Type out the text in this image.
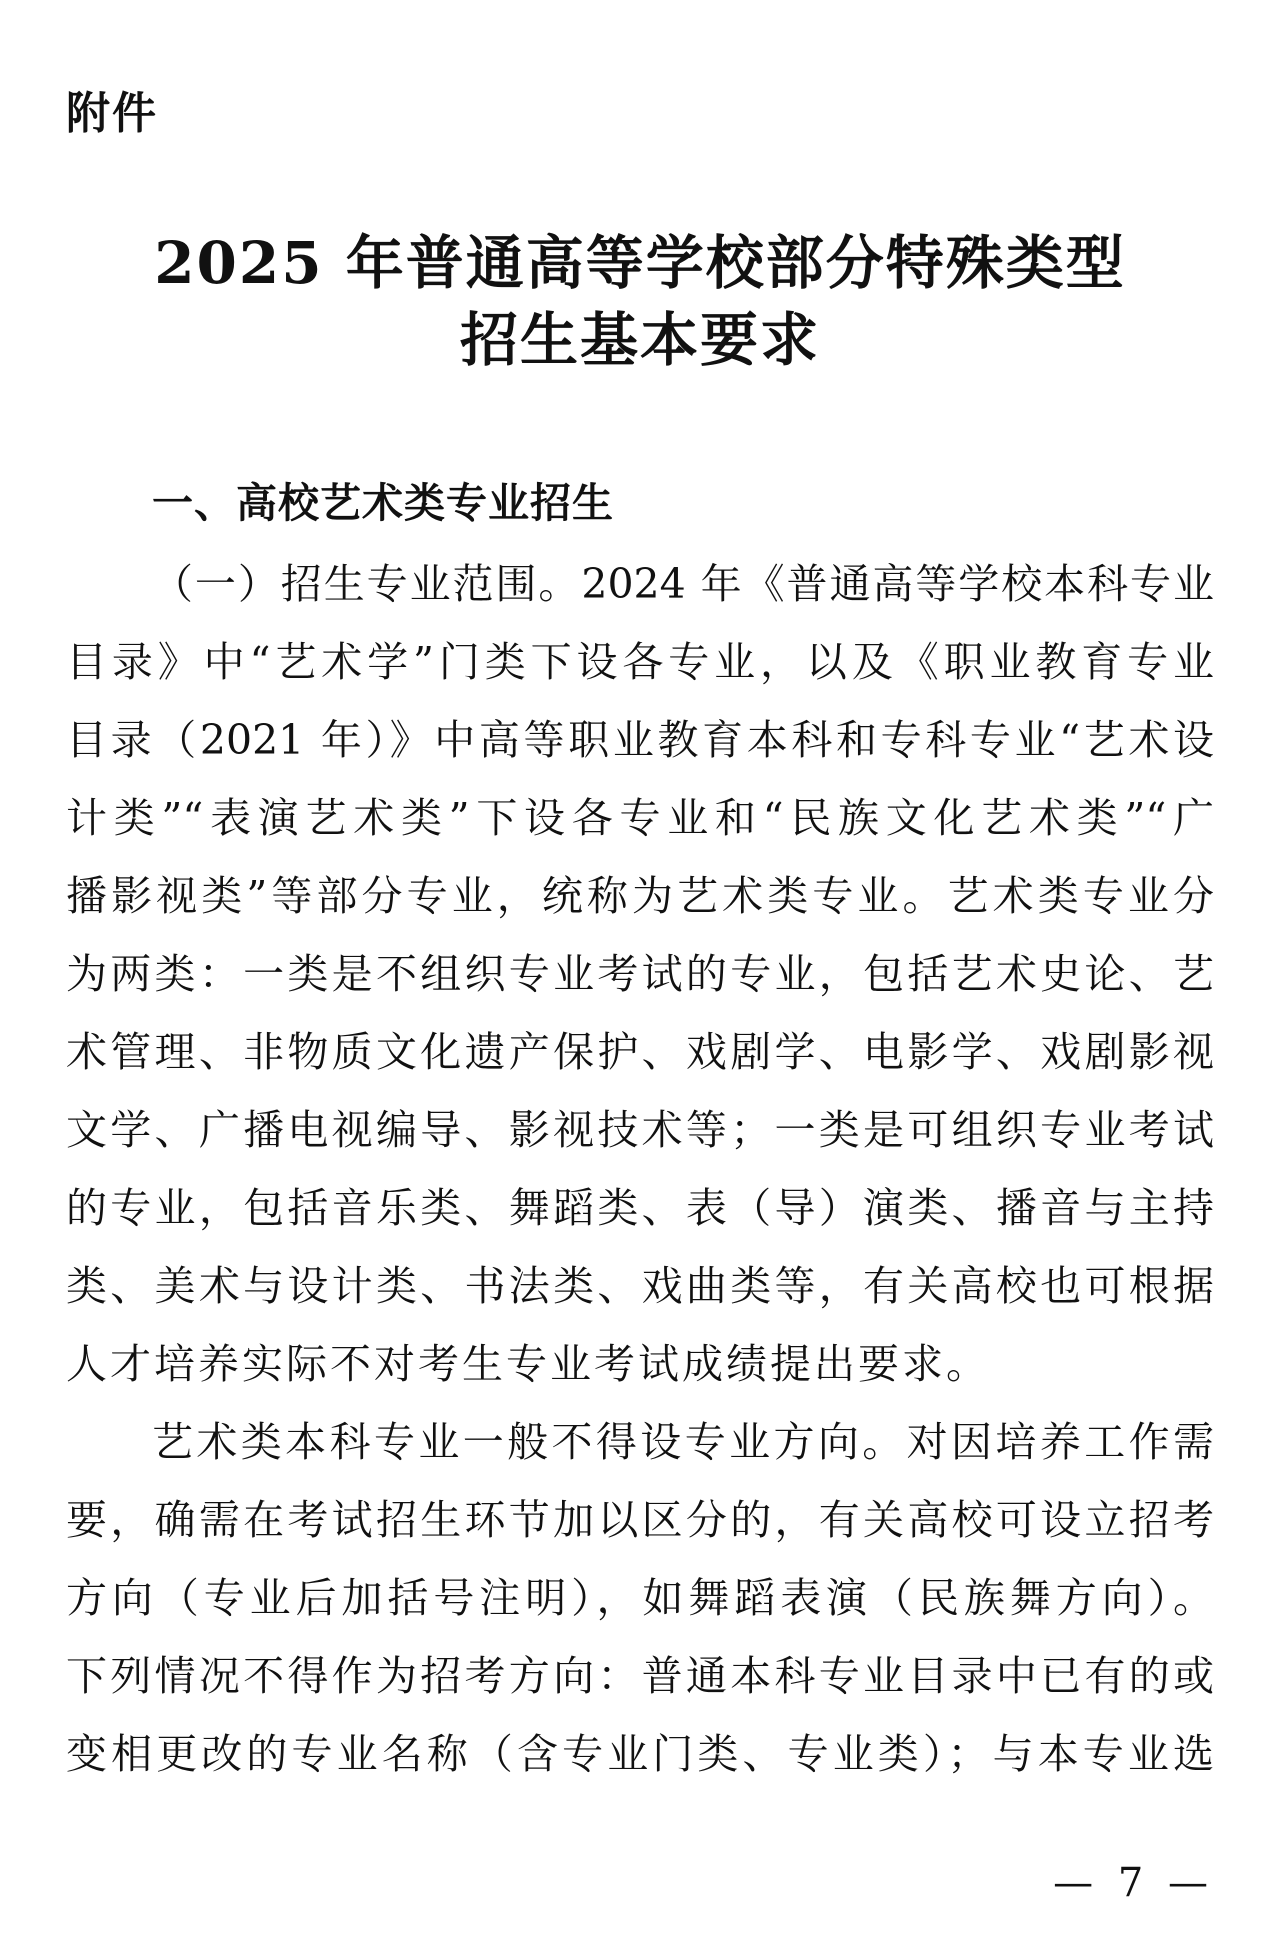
附件
2025 年普通高等学校部分特殊类型
招生基本要求
一、高校艺术类专业招生
（一）招生专业范围。2024 年《普通高等学校本科专业
目录》中“艺术学”门类下设各专业，以及《职业教育专业
目录（2021 年）》中高等职业教育本科和专科专业“艺术设
计类”“表演艺术类”下设各专业和“民族文化艺术类”“广
播影视类”等部分专业，统称为艺术类专业。艺术类专业分
为两类：一类是不组织专业考试的专业，包括艺术史论、艺
术管理、非物质文化遗产保护、戏剧学、电影学、戏剧影视
文学、广播电视编导、影视技术等；一类是可组织专业考试
的专业，包括音乐类、舞蹈类、表（导）演类、播音与主持
类、美术与设计类、书法类、戏曲类等，有关高校也可根据
人才培养实际不对考生专业考试成绩提出要求。
艺术类本科专业一般不得设专业方向。对因培养工作需
要，确需在考试招生环节加以区分的，有关高校可设立招考
方向（专业后加括号注明），如舞蹈表演（民族舞方向）。
下列情况不得作为招考方向：普通本科专业目录中已有的或
变相更改的专业名称（含专业门类、专业类）；与本专业选
— 7 —
